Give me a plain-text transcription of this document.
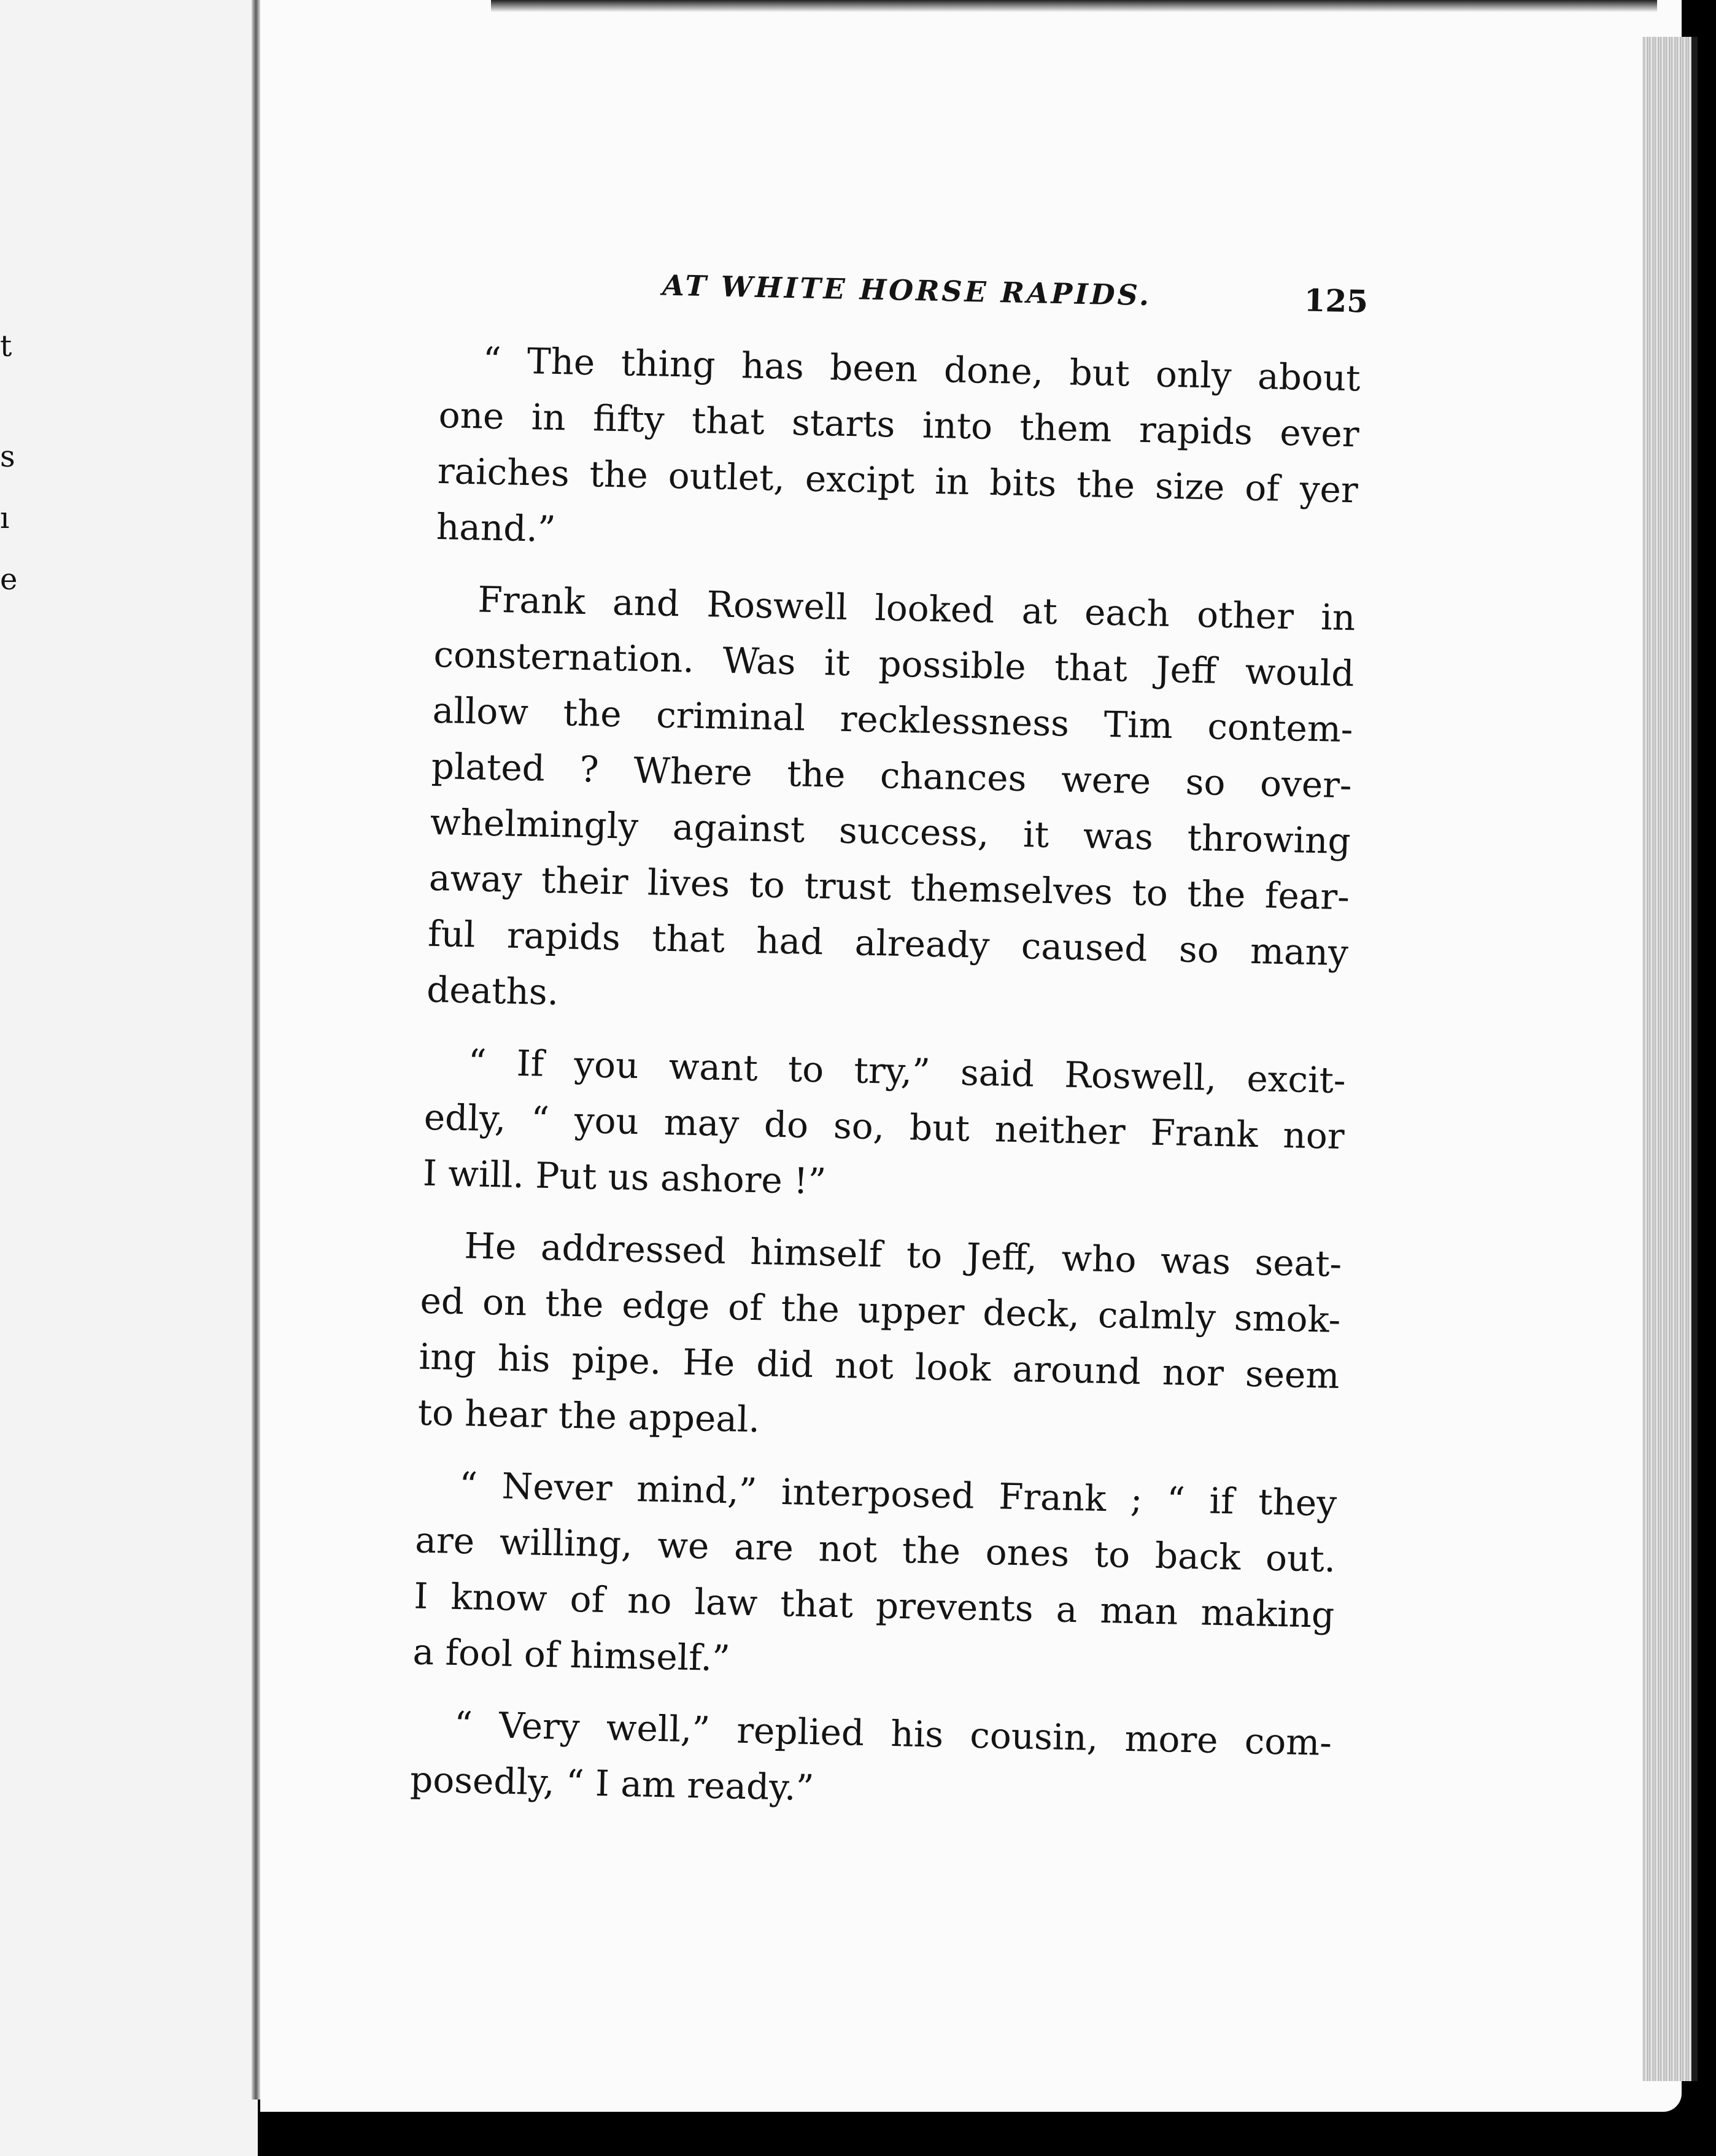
t
s
ı
e
AT WHITE HORSE RAPIDS.	125
“ The thing has been done, but only about
one in fifty that starts into them rapids ever
raiches the outlet, excipt in bits the size of yer
hand.”
Frank and Roswell looked at each other in
consternation. Was it possible that Jeff would
allow the criminal recklessness Tim contem-
plated ? Where the chances were so over-
whelmingly against success, it was throwing
away their lives to trust themselves to the fear-
ful rapids that had already caused so many
deaths.
“ If you want to try,” said Roswell, excit-
edly, “ you may do so, but neither Frank nor
I will. Put us ashore !”
He addressed himself to Jeff, who was seat-
ed on the edge of the upper deck, calmly smok-
ing his pipe. He did not look around nor seem
to hear the appeal.
“ Never mind,” interposed Frank ; “ if they
are willing, we are not the ones to back out.
I know of no law that prevents a man making
a fool of himself.”
“ Very well,” replied his cousin, more com-
posedly, “ I am ready.”
